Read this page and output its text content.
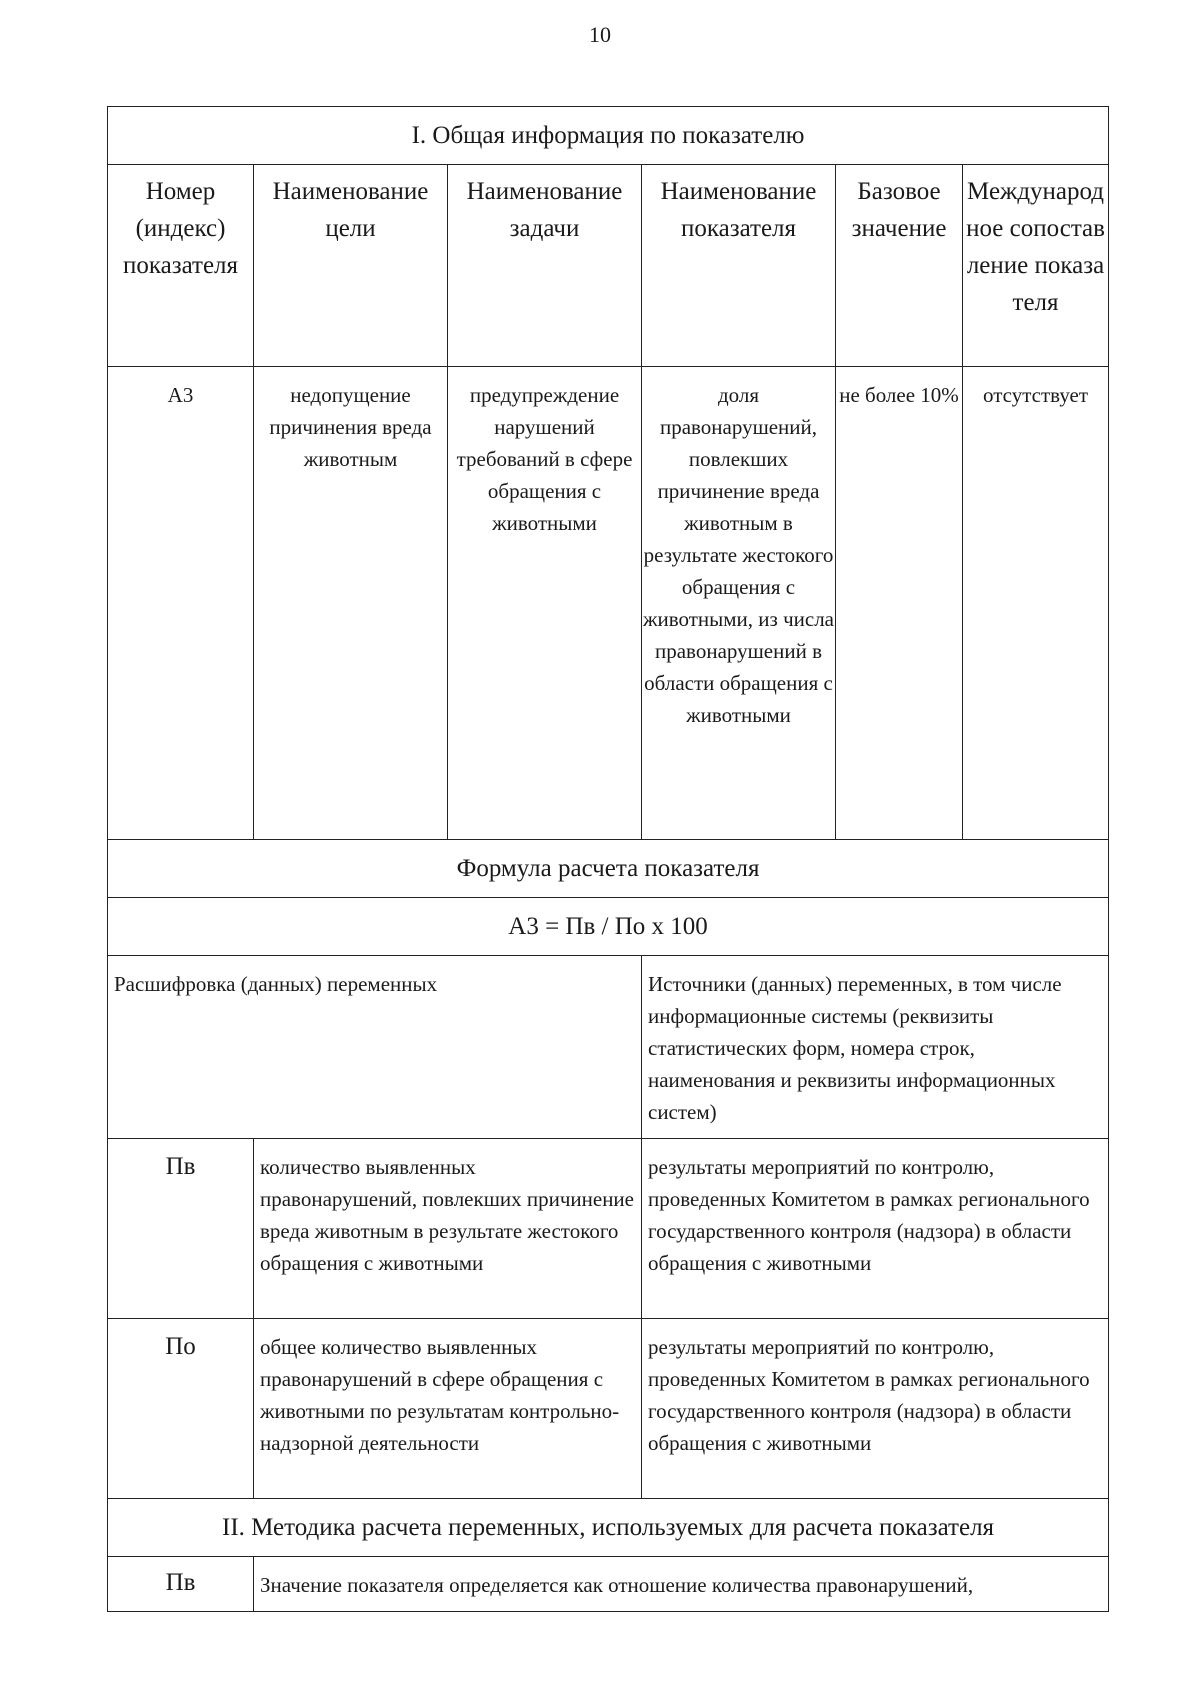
10
I. Общая информация по показателю					
Номер (индекс) показателя	Наименование цели	Наименование задачи	Наименование показателя	Базовое значение	Международное сопоставление показателя
А3	недопущение причинения вреда животным	предупреждение нарушений требований в сфере обращения с животными	доля правонарушений, повлекших причинение вреда животным в результате жестокого обращения с животными, из числа правонарушений в области обращения с животными	не более 10%	отсутствует
Формула расчета показателя					
А3 = Пв / По х 100					
Расшифровка (данных) переменных			Источники (данных) переменных, в том числе информационные системы (реквизиты статистических форм, номера строк, наименования и реквизиты информационных систем)		
Пв	количество выявленных правонарушений, повлекших причинение вреда животным в результате жестокого обращения с животными		результаты мероприятий по контролю, проведенных Комитетом в рамках регионального государственного контроля (надзора) в области обращения с животными		
По	общее количество выявленных правонарушений в сфере обращения с животными по результатам контрольно-надзорной деятельности		результаты мероприятий по контролю, проведенных Комитетом в рамках регионального государственного контроля (надзора) в области обращения с животными		
II. Методика расчета переменных, используемых для расчета показателя					
Пв	Значение показателя определяется как отношение количества правонарушений,				
